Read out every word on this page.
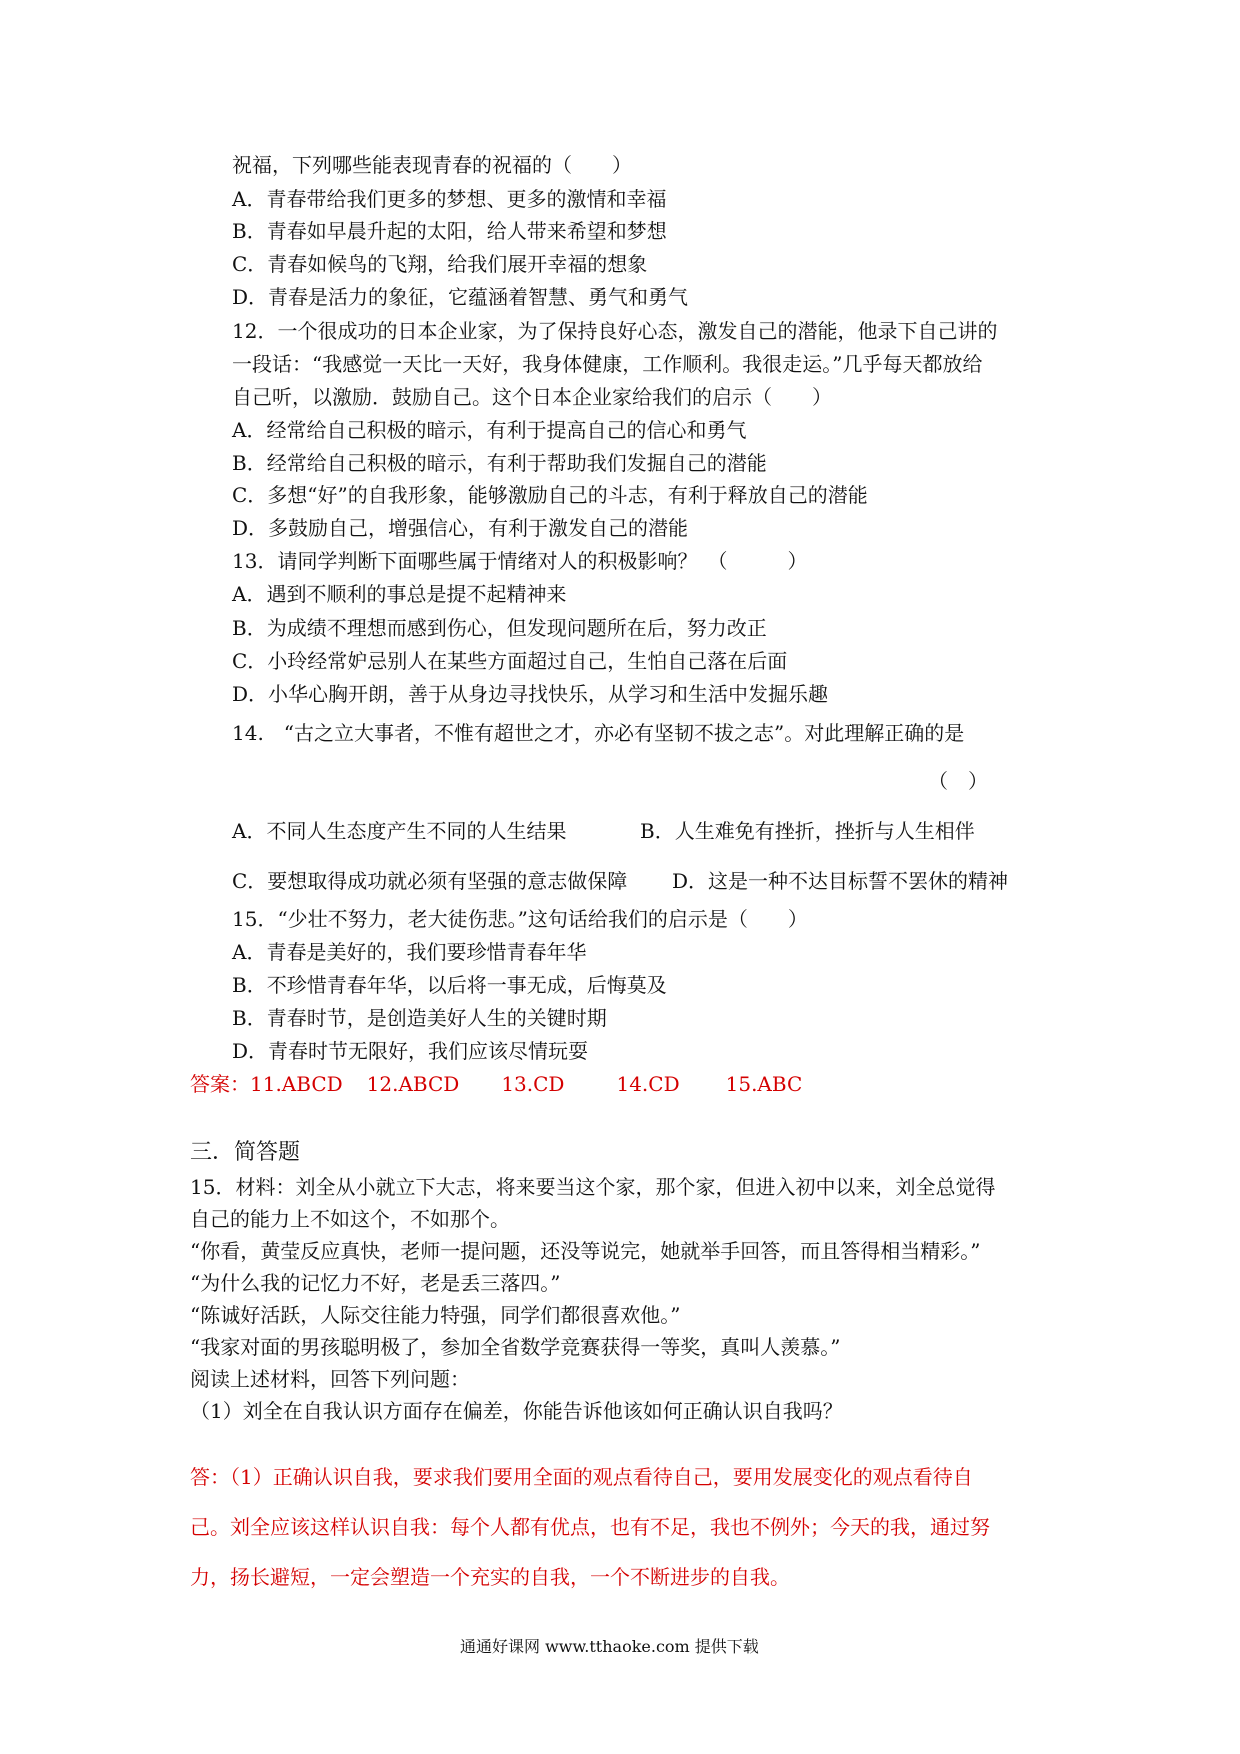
祝福，下列哪些能表现青春的祝福的（　　）
A．青春带给我们更多的梦想、更多的激情和幸福
B．青春如早晨升起的太阳，给人带来希望和梦想
C．青春如候鸟的飞翔，给我们展开幸福的想象
D．青春是活力的象征，它蕴涵着智慧、勇气和勇气
12．一个很成功的日本企业家，为了保持良好心态，激发自己的潜能，他录下自己讲的
一段话：“我感觉一天比一天好，我身体健康，工作顺利。我很走运。”几乎每天都放给
自己听，以激励．鼓励自己。这个日本企业家给我们的启示（　　）
A．经常给自己积极的暗示，有利于提高自己的信心和勇气
B．经常给自己积极的暗示，有利于帮助我们发掘自己的潜能
C．多想“好”的自我形象，能够激励自己的斗志，有利于释放自己的潜能
D．多鼓励自己，增强信心，有利于激发自己的潜能
13．请同学判断下面哪些属于情绪对人的积极影响？　（　　　）
A．遇到不顺利的事总是提不起精神来
B．为成绩不理想而感到伤心，但发现问题所在后，努力改正
C．小玲经常妒忌别人在某些方面超过自己，生怕自己落在后面
D．小华心胸开朗，善于从身边寻找快乐，从学习和生活中发掘乐趣
14.　“古之立大事者，不惟有超世之才，亦必有坚韧不拔之志”。对此理解正确的是
（　）
A．不同人生态度产生不同的人生结果	B．人生难免有挫折，挫折与人生相伴
C．要想取得成功就必须有坚强的意志做保障 D．这是一种不达目标誓不罢休的精神
15．“少壮不努力，老大徒伤悲。”这句话给我们的启示是（　　）
A．青春是美好的，我们要珍惜青春年华
B．不珍惜青春年华，以后将一事无成，后悔莫及
B．青春时节，是创造美好人生的关键时期
D．青春时节无限好，我们应该尽情玩耍
答案：11.ABCD 12.ABCD 13.CD	14.CD 15.ABC
三．简答题
15．材料：刘全从小就立下大志，将来要当这个家，那个家，但进入初中以来，刘全总觉得
自己的能力上不如这个，不如那个。
“你看，黄莹反应真快，老师一提问题，还没等说完，她就举手回答，而且答得相当精彩。”
“为什么我的记忆力不好，老是丢三落四。”
“陈诚好活跃，人际交往能力特强，同学们都很喜欢他。”
“我家对面的男孩聪明极了，参加全省数学竞赛获得一等奖，真叫人羡慕。”
阅读上述材料，回答下列问题：
（1）刘全在自我认识方面存在偏差，你能告诉他该如何正确认识自我吗？
答：（1）正确认识自我，要求我们要用全面的观点看待自己，要用发展变化的观点看待自
己。刘全应该这样认识自我：每个人都有优点，也有不足，我也不例外；今天的我，通过努
力，扬长避短，一定会塑造一个充实的自我，一个不断进步的自我。
通通好课网 www.tthaoke.com 提供下载
